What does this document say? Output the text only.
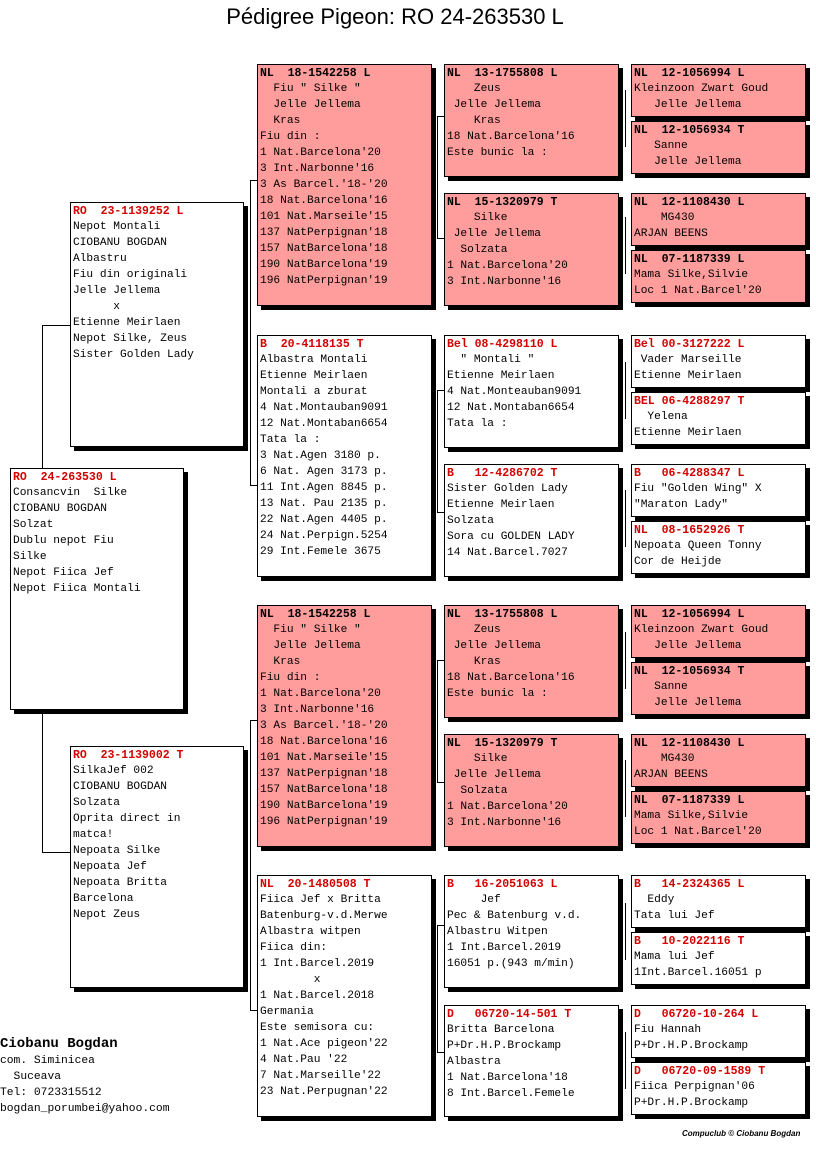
Pédigree Pigeon: RO 24-263530 L
RO  24-263530 L
Consancvin  Silke
CIOBANU BOGDAN
Solzat
Dublu nepot Fiu
Silke
Nepot Fiica Jef
Nepot Fiica Montali
RO  23-1139252 L
Nepot Montali
CIOBANU BOGDAN
Albastru
Fiu din originali
Jelle Jellema
x
Etienne Meirlaen
Nepot Silke, Zeus
Sister Golden Lady
RO  23-1139002 T
SilkaJef 002
CIOBANU BOGDAN
Solzata
Oprita direct in
matca!
Nepoata Silke
Nepoata Jef
Nepoata Britta
Barcelona
Nepot Zeus
NL  18-1542258 L
Fiu " Silke "
Jelle Jellema
Kras
Fiu din :
1 Nat.Barcelona'20
3 Int.Narbonne'16
3 As Barcel.'18-'20
18 Nat.Barcelona'16
101 Nat.Marseile'15
137 NatPerpignan'18
157 NatBarcelona'18
190 NatBarcelona'19
196 NatPerpignan'19
B  20-4118135 T
Albastra Montali
Etienne Meirlaen
Montali a zburat
4 Nat.Montauban9091
12 Nat.Montaban6654
Tata la :
3 Nat.Agen 3180 p.
6 Nat. Agen 3173 p.
11 Int.Agen 8845 p.
13 Nat. Pau 2135 p.
22 Nat.Agen 4405 p.
24 Nat.Perpign.5254
29 Int.Femele 3675
NL  18-1542258 L
Fiu " Silke "
Jelle Jellema
Kras
Fiu din :
1 Nat.Barcelona'20
3 Int.Narbonne'16
3 As Barcel.'18-'20
18 Nat.Barcelona'16
101 Nat.Marseile'15
137 NatPerpignan'18
157 NatBarcelona'18
190 NatBarcelona'19
196 NatPerpignan'19
NL  20-1480508 T
Fiica Jef x Britta
Batenburg-v.d.Merwe
Albastra witpen
Fiica din:
1 Int.Barcel.2019
x
1 Nat.Barcel.2018
Germania
Este semisora cu:
1 Nat.Ace pigeon'22
4 Nat.Pau '22
7 Nat.Marseille'22
23 Nat.Perpugnan'22
NL  13-1755808 L
Zeus
Jelle Jellema
Kras
18 Nat.Barcelona'16
Este bunic la :
NL  15-1320979 T
Silke
Jelle Jellema
Solzata
1 Nat.Barcelona'20
3 Int.Narbonne'16
Bel 08-4298110 L
" Montali "
Etienne Meirlaen
4 Nat.Monteauban9091
12 Nat.Montaban6654
Tata la :
B   12-4286702 T
Sister Golden Lady
Etienne Meirlaen
Solzata
Sora cu GOLDEN LADY
14 Nat.Barcel.7027
NL  13-1755808 L
Zeus
Jelle Jellema
Kras
18 Nat.Barcelona'16
Este bunic la :
NL  15-1320979 T
Silke
Jelle Jellema
Solzata
1 Nat.Barcelona'20
3 Int.Narbonne'16
B   16-2051063 L
Jef
Pec & Batenburg v.d.
Albastru Witpen
1 Int.Barcel.2019
16051 p.(943 m/min)
D   06720-14-501 T
Britta Barcelona
P+Dr.H.P.Brockamp
Albastra
1 Nat.Barcelona'18
8 Int.Barcel.Femele
NL  12-1056994 L
Kleinzoon Zwart Goud
Jelle Jellema
NL  12-1056934 T
Sanne
Jelle Jellema
NL  12-1108430 L
MG430
ARJAN BEENS
NL  07-1187339 L
Mama Silke,Silvie
Loc 1 Nat.Barcel'20
Bel 00-3127222 L
Vader Marseille
Etienne Meirlaen
BEL 06-4288297 T
Yelena
Etienne Meirlaen
B   06-4288347 L
Fiu "Golden Wing" X
"Maraton Lady"
NL  08-1652926 T
Nepoata Queen Tonny
Cor de Heijde
NL  12-1056994 L
Kleinzoon Zwart Goud
Jelle Jellema
NL  12-1056934 T
Sanne
Jelle Jellema
NL  12-1108430 L
MG430
ARJAN BEENS
NL  07-1187339 L
Mama Silke,Silvie
Loc 1 Nat.Barcel'20
B   14-2324365 L
Eddy
Tata lui Jef
B   10-2022116 T
Mama lui Jef
1Int.Barcel.16051 p
D   06720-10-264 L
Fiu Hannah
P+Dr.H.P.Brockamp
D   06720-09-1589 T
Fiica Perpignan'06
P+Dr.H.P.Brockamp
Ciobanu Bogdan
com. Siminicea
Suceava
Tel: 0723315512
bogdan_porumbei@yahoo.com
Compuclub © Ciobanu Bogdan
